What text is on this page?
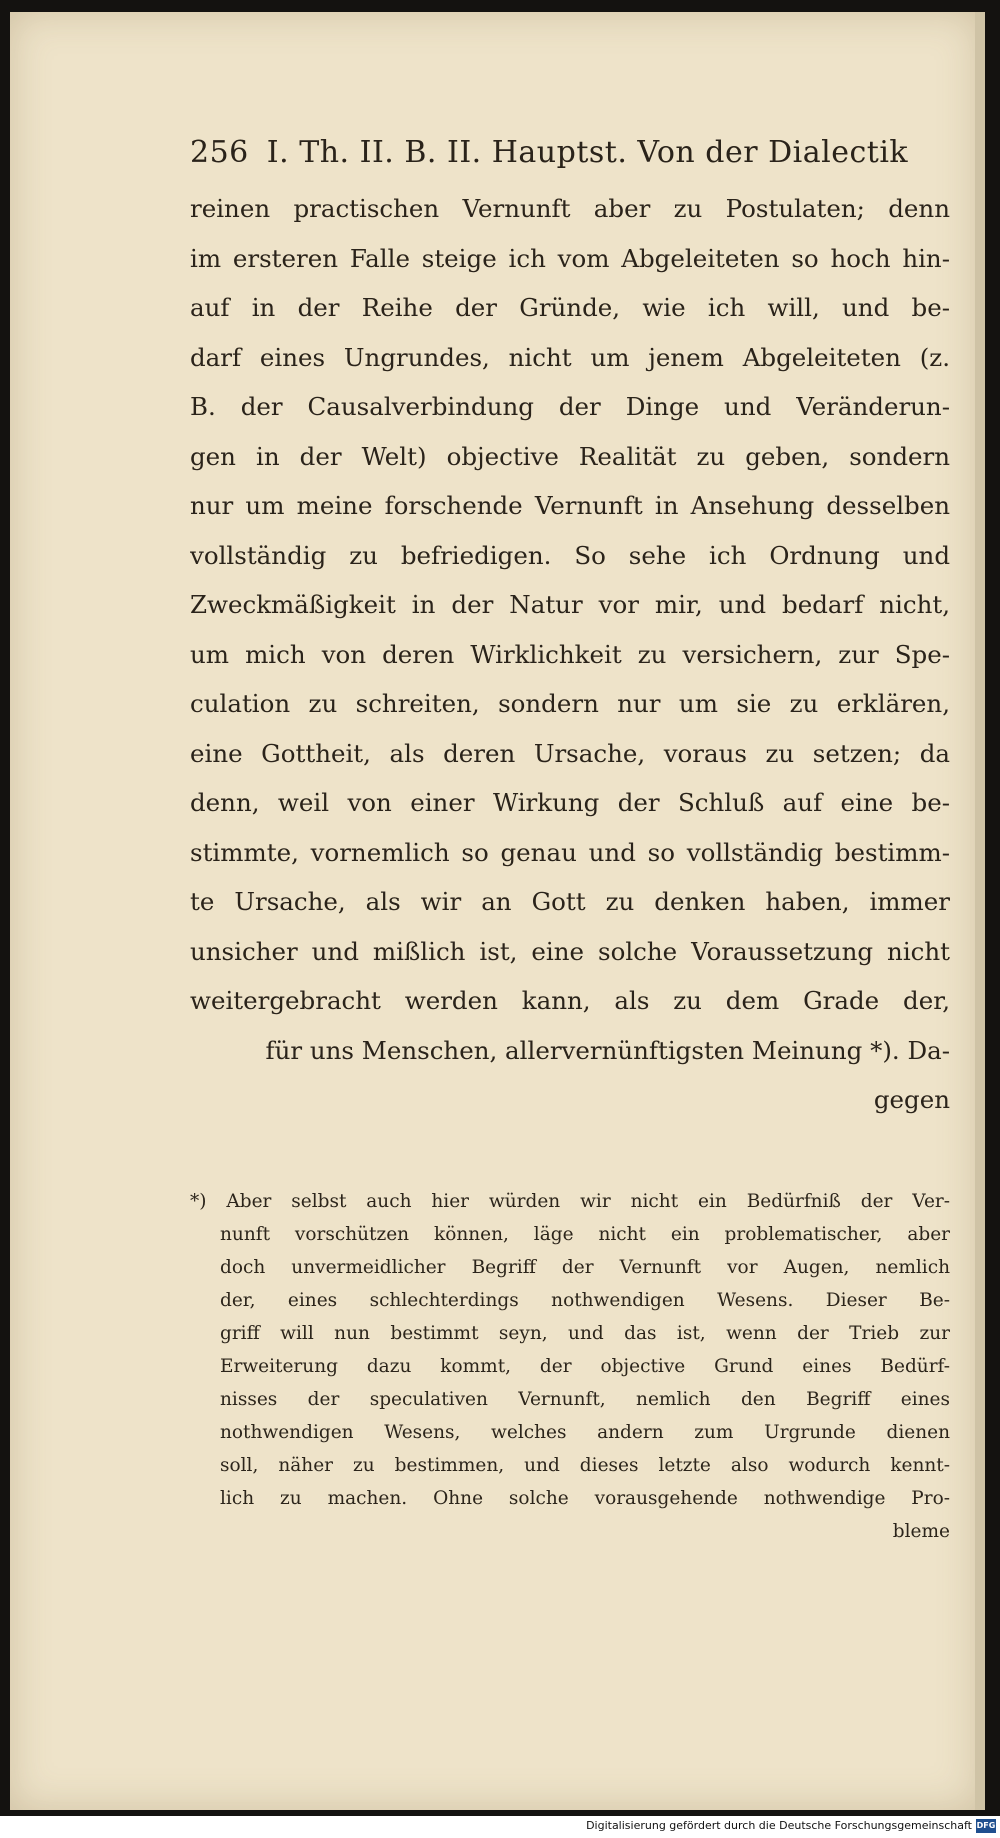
256 I. Th. II. B. II. Hauptst. Von der Dialectik
reinen practischen Vernunft aber zu Postulaten; denn
im ersteren Falle steige ich vom Abgeleiteten so hoch hin-
auf in der Reihe der Gründe, wie ich will, und be-
darf eines Ungrundes, nicht um jenem Abgeleiteten (z.
B. der Causalverbindung der Dinge und Veränderun-
gen in der Welt) objective Realität zu geben, sondern
nur um meine forschende Vernunft in Ansehung desselben
vollständig zu befriedigen. So sehe ich Ordnung und
Zweckmäßigkeit in der Natur vor mir, und bedarf nicht,
um mich von deren Wirklichkeit zu versichern, zur Spe-
culation zu schreiten, sondern nur um sie zu erklären,
eine Gottheit, als deren Ursache, voraus zu setzen; da
denn, weil von einer Wirkung der Schluß auf eine be-
stimmte, vornemlich so genau und so vollständig bestimm-
te Ursache, als wir an Gott zu denken haben, immer
unsicher und mißlich ist, eine solche Voraussetzung nicht
weitergebracht werden kann, als zu dem Grade der,
für uns Menschen, allervernünftigsten Meinung *). Da-
gegen
*) Aber selbst auch hier würden wir nicht ein Bedürfniß der Ver-
nunft vorschützen können, läge nicht ein problematischer, aber
doch unvermeidlicher Begriff der Vernunft vor Augen, nemlich
der, eines schlechterdings nothwendigen Wesens. Dieser Be-
griff will nun bestimmt seyn, und das ist, wenn der Trieb zur
Erweiterung dazu kommt, der objective Grund eines Bedürf-
nisses der speculativen Vernunft, nemlich den Begriff eines
nothwendigen Wesens, welches andern zum Urgrunde dienen
soll, näher zu bestimmen, und dieses letzte also wodurch kennt-
lich zu machen. Ohne solche vorausgehende nothwendige Pro-
bleme
Digitalisierung gefördert durch die Deutsche Forschungsgemeinschaft DFG
